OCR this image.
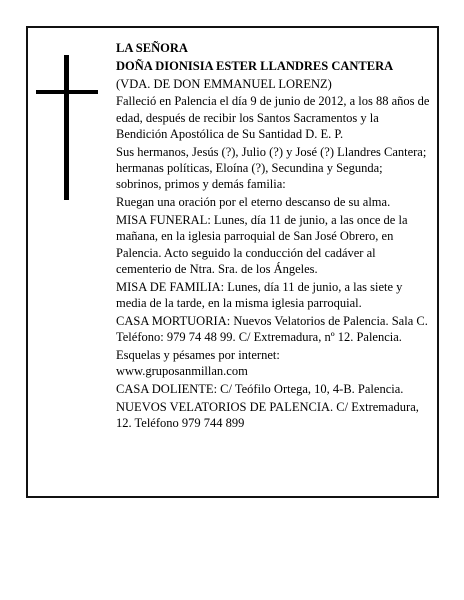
LA SEÑORA

DOÑA DIONISIA ESTER LLANDRES CANTERA

(VDA. DE DON EMMANUEL LORENZ)

Falleció en Palencia el día 9 de junio de 2012, a los 88 años de edad, después de recibir los Santos Sacramentos y la Bendición Apostólica de Su Santidad D. E. P.

Sus hermanos, Jesús (?), Julio (?) y José (?) Llandres Cantera; hermanas políticas, Eloína (?), Secundina y Segunda; sobrinos, primos y demás familia:

Ruegan una oración por el eterno descanso de su alma.

MISA FUNERAL: Lunes, día 11 de junio, a las once de la mañana, en la iglesia parroquial de San José Obrero, en Palencia. Acto seguido la conducción del cadáver al cementerio de Ntra. Sra. de los Ángeles.

MISA DE FAMILIA: Lunes, día 11 de junio, a las siete y media de la tarde, en la misma iglesia parroquial.

CASA MORTUORIA: Nuevos Velatorios de Palencia. Sala C. Teléfono: 979 74 48 99. C/ Extremadura, nº 12. Palencia.

Esquelas y pésames por internet:
www.gruposanmillan.com

CASA DOLIENTE: C/ Teófilo Ortega, 10, 4-B. Palencia.

NUEVOS VELATORIOS DE PALENCIA. C/ Extremadura, 12. Teléfono 979 744 899
